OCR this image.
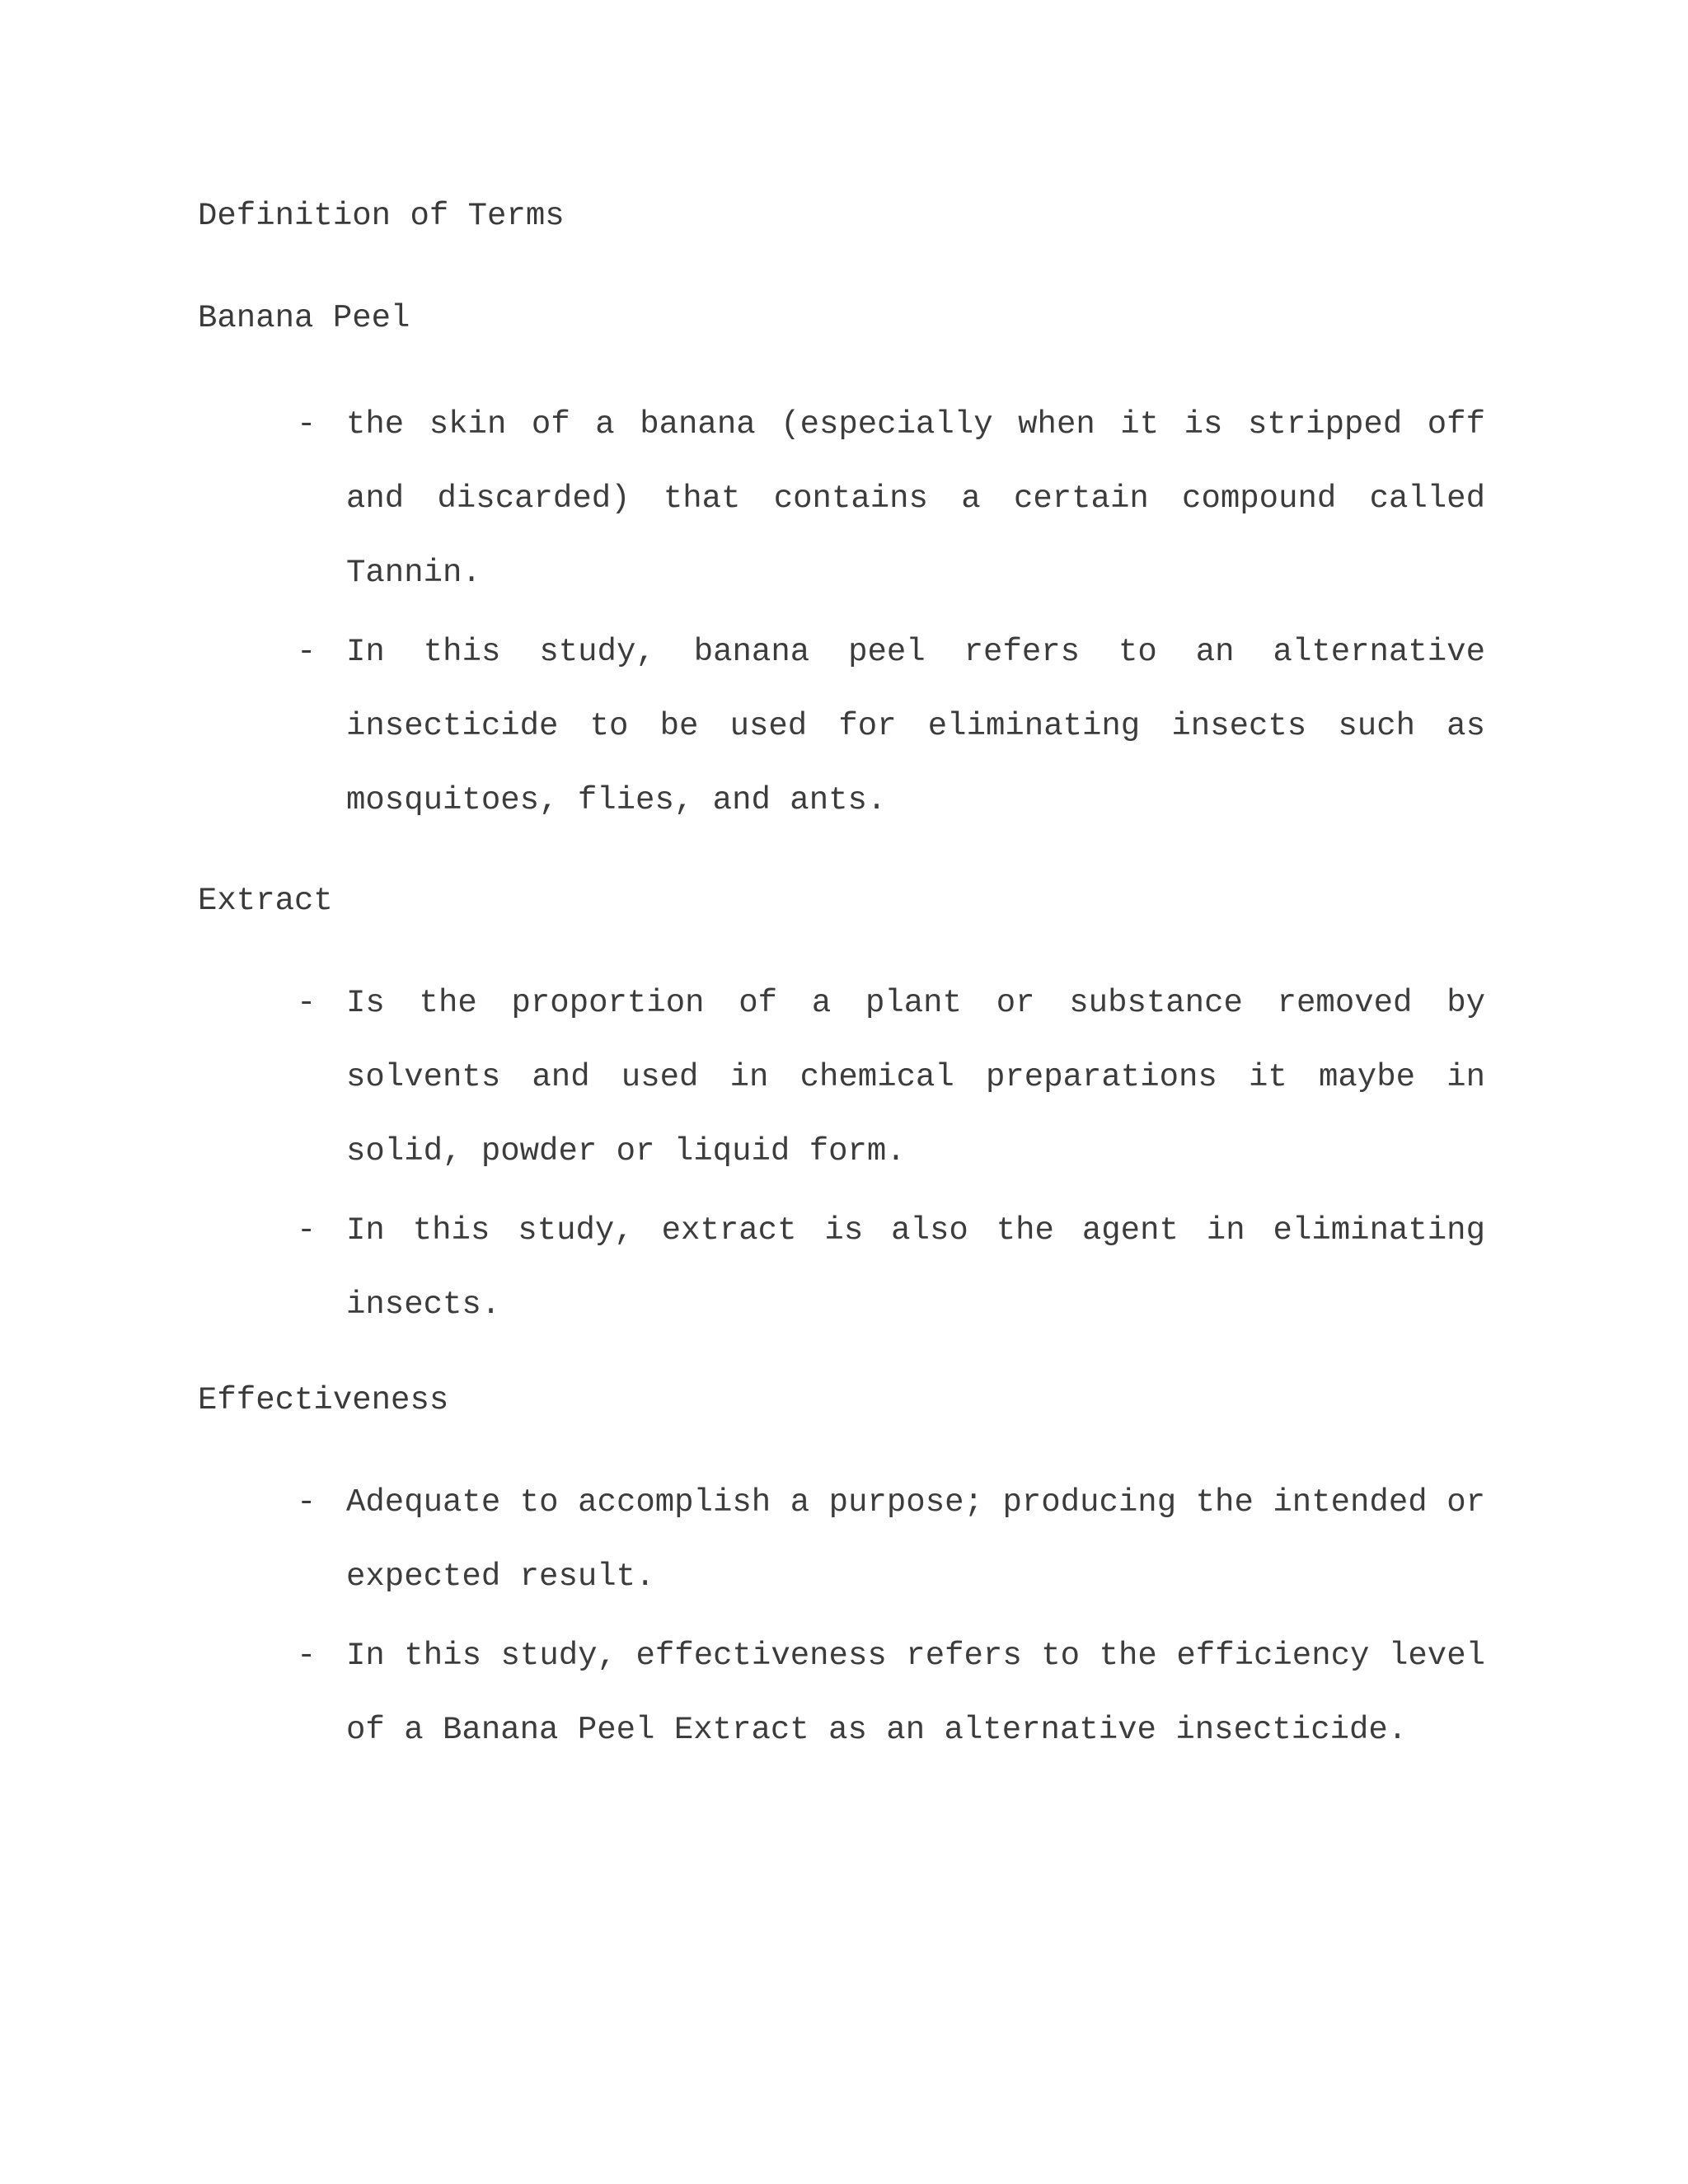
Definition of Terms
Banana Peel
- the skin of a banana (especially when it is stripped off and discarded) that contains a certain compound called Tannin.
- In this study, banana peel refers to an alternative insecticide to be used for eliminating insects such as mosquitoes, flies, and ants.
Extract
- Is the proportion of a plant or substance removed by solvents and used in chemical preparations it maybe in solid, powder or liquid form.
- In this study, extract is also the agent in eliminating insects.
Effectiveness
- Adequate to accomplish a purpose; producing the intended or expected result.
- In this study, effectiveness refers to the efficiency level of a Banana Peel Extract as an alternative insecticide.
